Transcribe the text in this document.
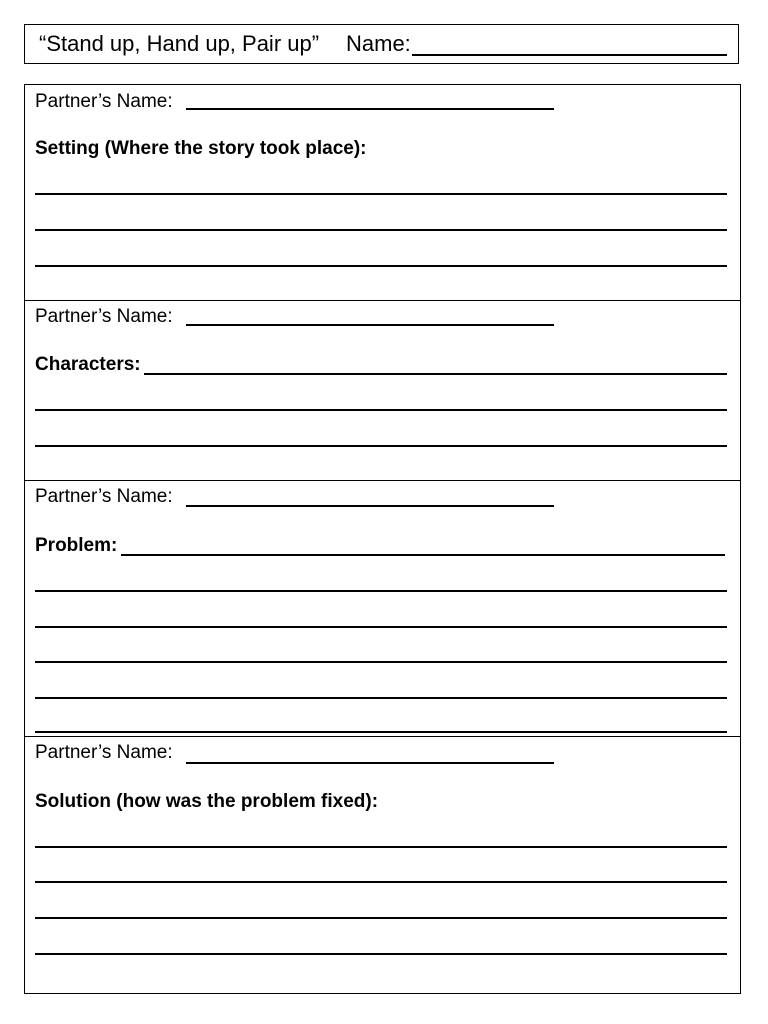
“Stand up, Hand up, Pair up” Name:
Partner’s Name:
Setting (Where the story took place):
Partner’s Name:
Characters:
Partner’s Name:
Problem:
Partner’s Name:
Solution (how was the problem fixed):
